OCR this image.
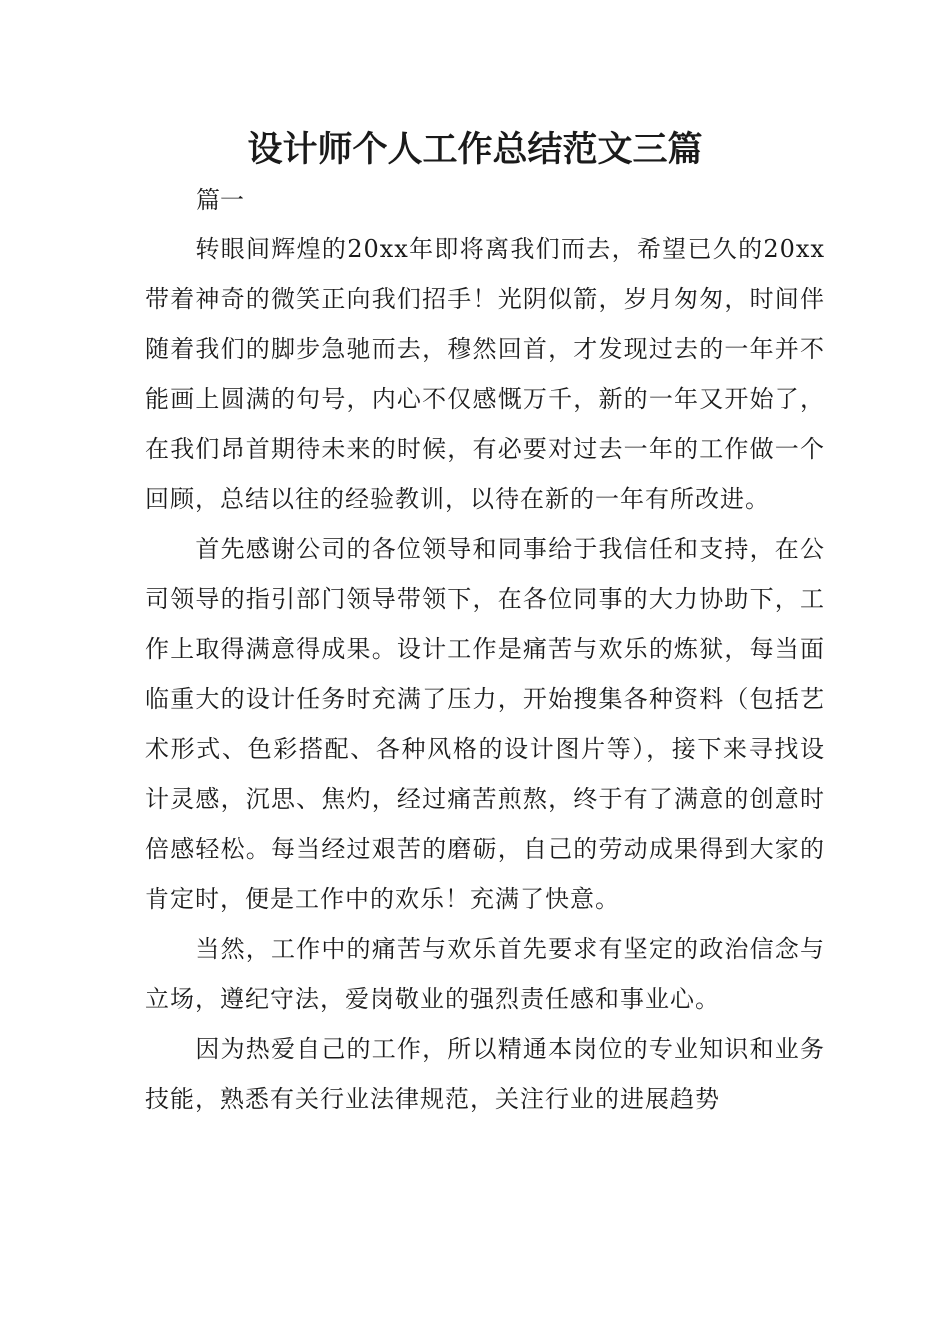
设计师个人工作总结范文三篇
篇一

转眼间辉煌的20xx年即将离我们而去，希望已久的20xx带着神奇的微笑正向我们招手！光阴似箭，岁月匆匆，时间伴随着我们的脚步急驰而去，穆然回首，才发现过去的一年并不能画上圆满的句号，内心不仅感慨万千，新的一年又开始了，在我们昂首期待未来的时候，有必要对过去一年的工作做一个回顾，总结以往的经验教训，以待在新的一年有所改进。

首先感谢公司的各位领导和同事给于我信任和支持，在公司领导的指引部门领导带领下，在各位同事的大力协助下，工作上取得满意得成果。设计工作是痛苦与欢乐的炼狱，每当面临重大的设计任务时充满了压力，开始搜集各种资料（包括艺术形式、色彩搭配、各种风格的设计图片等），接下来寻找设计灵感，沉思、焦灼，经过痛苦煎熬，终于有了满意的创意时倍感轻松。每当经过艰苦的磨砺，自己的劳动成果得到大家的肯定时，便是工作中的欢乐！充满了快意。

当然，工作中的痛苦与欢乐首先要求有坚定的政治信念与立场，遵纪守法，爱岗敬业的强烈责任感和事业心。

因为热爱自己的工作，所以精通本岗位的专业知识和业务技能，熟悉有关行业法律规范，关注行业的进展趋势
